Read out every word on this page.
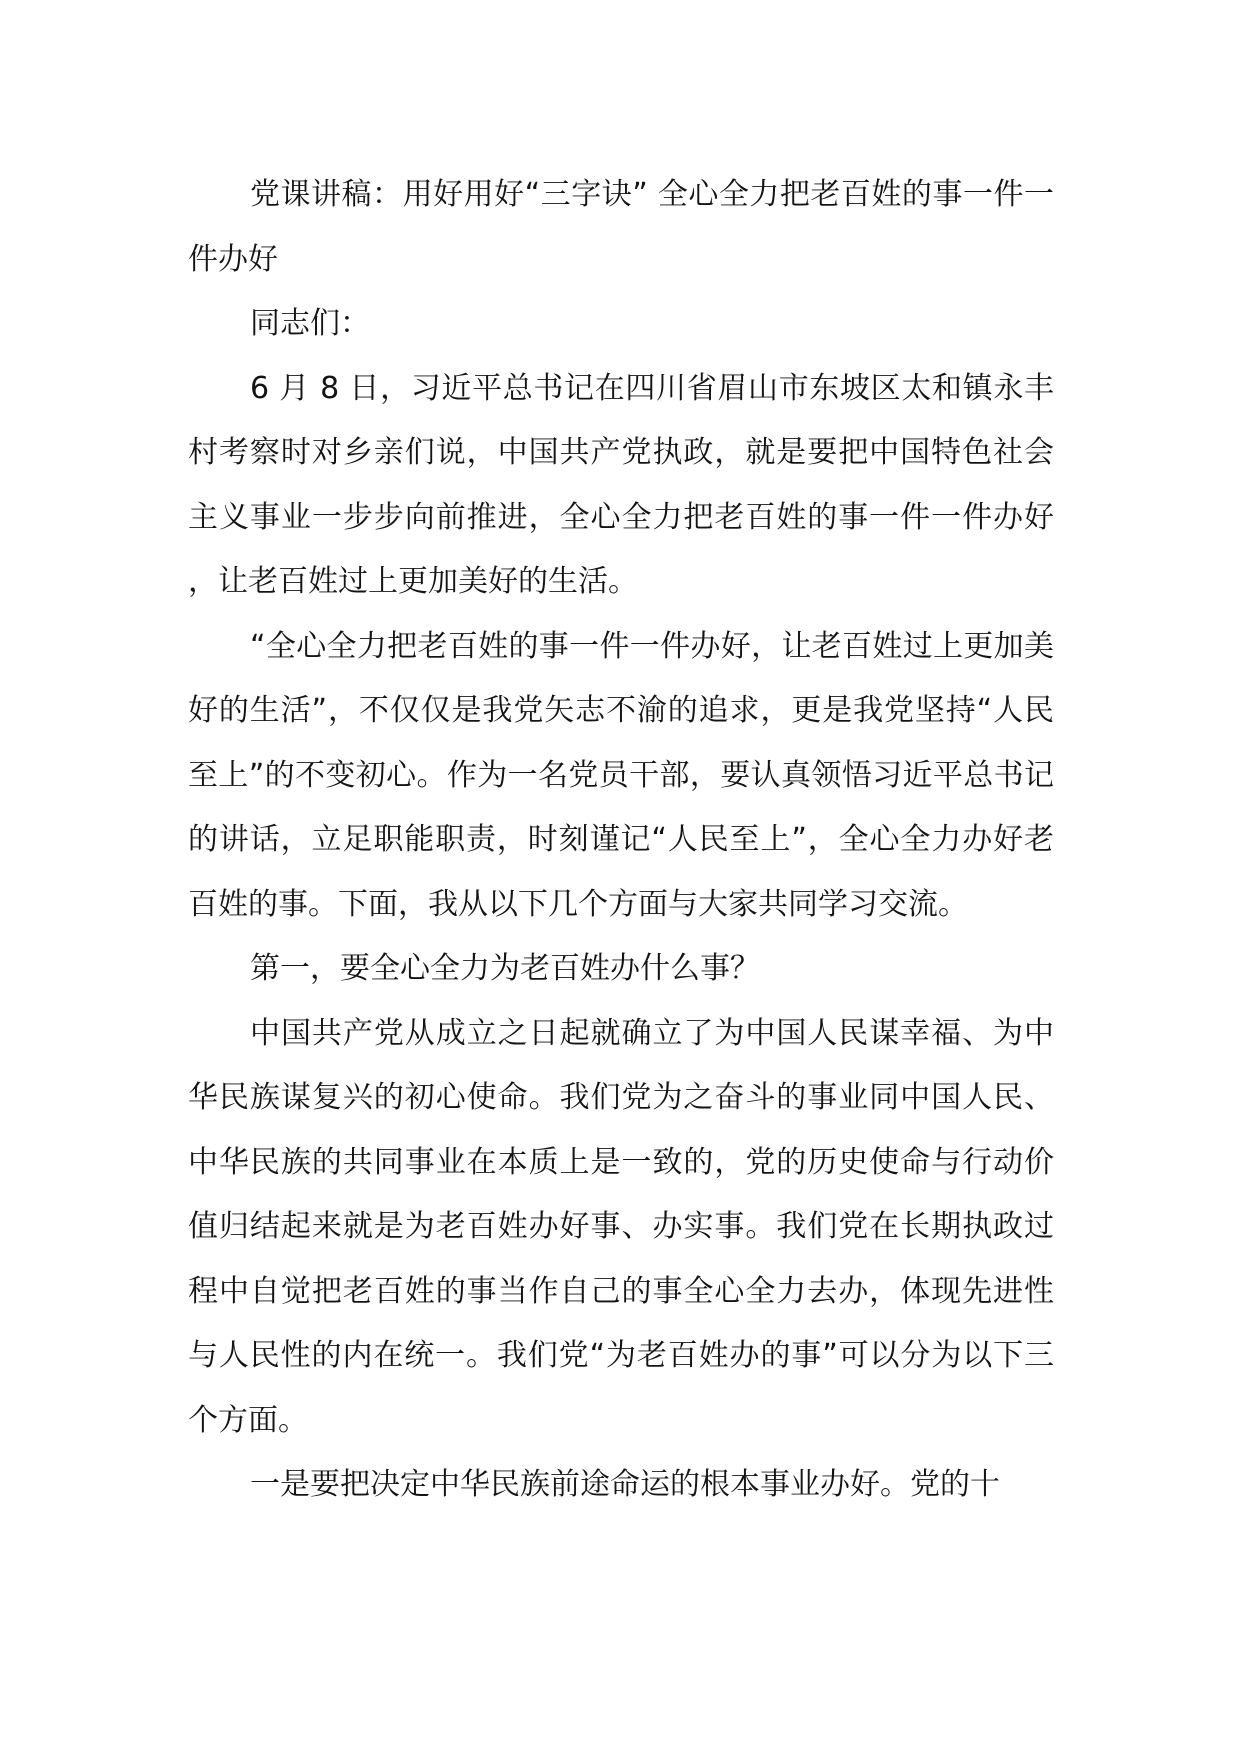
党课讲稿：用好用好“三字诀” 全心全力把老百姓的事一件一件办好

同志们：

6 月 8 日，习近平总书记在四川省眉山市东坡区太和镇永丰村考察时对乡亲们说，中国共产党执政，就是要把中国特色社会主义事业一步步向前推进，全心全力把老百姓的事一件一件办好，让老百姓过上更加美好的生活。

“全心全力把老百姓的事一件一件办好，让老百姓过上更加美好的生活”，不仅仅是我党矢志不渝的追求，更是我党坚持“人民至上”的不变初心。作为一名党员干部，要认真领悟习近平总书记的讲话，立足职能职责，时刻谨记“人民至上”，全心全力办好老百姓的事。下面，我从以下几个方面与大家共同学习交流。

第一，要全心全力为老百姓办什么事？

中国共产党从成立之日起就确立了为中国人民谋幸福、为中华民族谋复兴的初心使命。我们党为之奋斗的事业同中国人民、中华民族的共同事业在本质上是一致的，党的历史使命与行动价值归结起来就是为老百姓办好事、办实事。我们党在长期执政过程中自觉把老百姓的事当作自己的事全心全力去办，体现先进性与人民性的内在统一。我们党“为老百姓办的事”可以分为以下三个方面。

一是要把决定中华民族前途命运的根本事业办好。党的十
